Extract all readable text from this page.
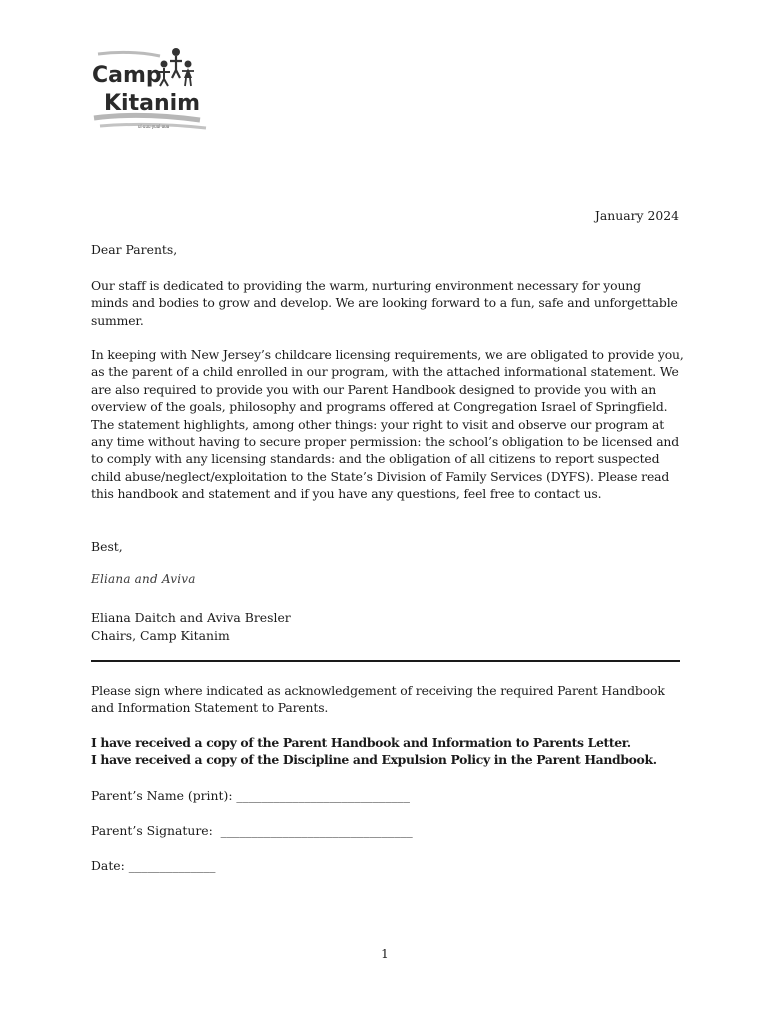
Camp
Kitanim
ui·uuu·yuui·uuu
January 2024
Dear Parents,
Our staff is dedicated to providing the warm, nurturing environment necessary for young
minds and bodies to grow and develop. We are looking forward to a fun, safe and unforgettable
summer.
In keeping with New Jersey’s childcare licensing requirements, we are obligated to provide you,
as the parent of a child enrolled in our program, with the attached informational statement. We
are also required to provide you with our Parent Handbook designed to provide you with an
overview of the goals, philosophy and programs offered at Congregation Israel of Springfield.
The statement highlights, among other things: your right to visit and observe our program at
any time without having to secure proper permission: the school’s obligation to be licensed and
to comply with any licensing standards: and the obligation of all citizens to report suspected
child abuse/neglect/exploitation to the State’s Division of Family Services (DYFS). Please read
this handbook and statement and if you have any questions, feel free to contact us.
Best,
Eliana and Aviva
Eliana Daitch and Aviva Bresler
Chairs, Camp Kitanim
Please sign where indicated as acknowledgement of receiving the required Parent Handbook
and Information Statement to Parents.
I have received a copy of the Parent Handbook and Information to Parents Letter.
I have received a copy of the Discipline and Expulsion Policy in the Parent Handbook.
Parent’s Name (print): ____________________________
Parent’s Signature:  _______________________________
Date: ______________
1
